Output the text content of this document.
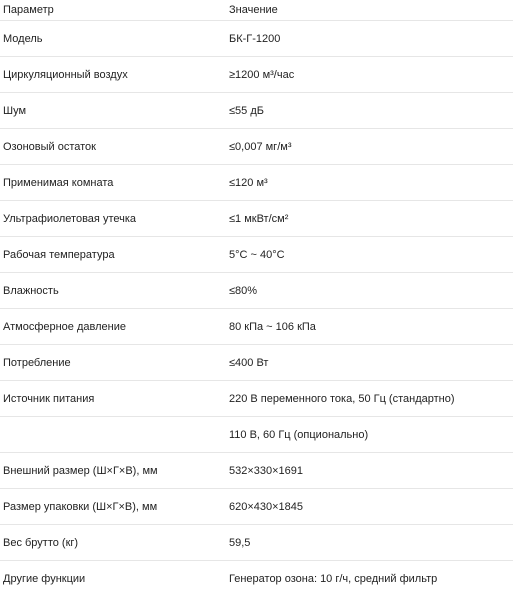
Параметр	Значение
Модель	БК-Г-1200
Циркуляционный воздух	≥1200 м³/час
Шум	≤55 дБ
Озоновый остаток	≤0,007 мг/м³
Применимая комната	≤120 м³
Ультрафиолетовая утечка	≤1 мкВт/см²
Рабочая температура	5°C ~ 40°C
Влажность	≤80%
Атмосферное давление	80 кПа ~ 106 кПа
Потребление	≤400 Вт
Источник питания	220 В переменного тока, 50 Гц (стандартно)
	110 В, 60 Гц (опционально)
Внешний размер (Ш×Г×В), мм	532×330×1691
Размер упаковки (Ш×Г×В), мм	620×430×1845
Вес брутто (кг)	59,5
Другие функции	Генератор озона: 10 г/ч, средний фильтр
